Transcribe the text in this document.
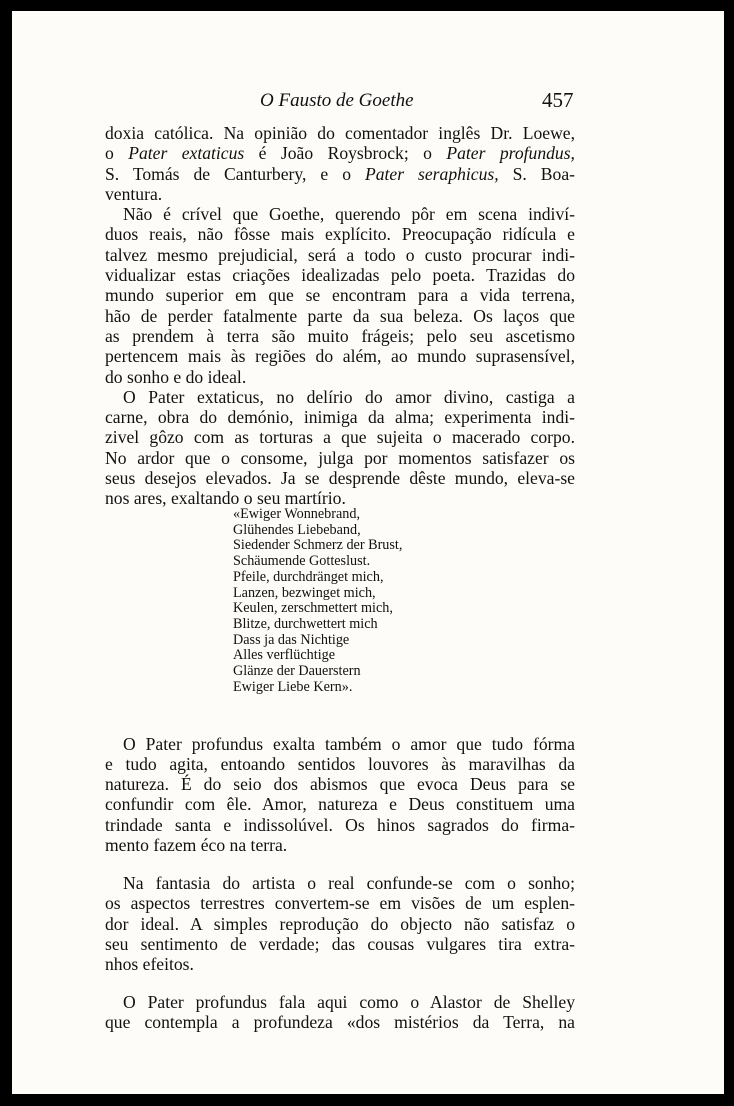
O Fausto de Goethe	457

doxia católica. Na opinião do comentador inglês Dr. Loewe,
o Pater extaticus é João Roysbrock; o Pater profundus,
S. Tomás de Canturbery, e o Pater seraphicus, S. Boa-
ventura.

Não é crível que Goethe, querendo pôr em scena indiví-
duos reais, não fôsse mais explícito. Preocupação ridícula e
talvez mesmo prejudicial, será a todo o custo procurar indi-
vidualizar estas criações idealizadas pelo poeta. Trazidas do
mundo superior em que se encontram para a vida terrena,
hão de perder fatalmente parte da sua beleza. Os laços que
as prendem à terra são muito frágeis; pelo seu ascetismo
pertencem mais às regiões do além, ao mundo suprasensível,
do sonho e do ideal.

O Pater extaticus, no delírio do amor divino, castiga a
carne, obra do demónio, inimiga da alma; experimenta indi-
zivel gôzo com as torturas a que sujeita o macerado corpo.
No ardor que o consome, julga por momentos satisfazer os
seus desejos elevados. Ja se desprende dêste mundo, eleva-se
nos ares, exaltando o seu martírio.

«Ewiger Wonnebrand,
Glühendes Liebeband,
Siedender Schmerz der Brust,
Schäumende Gotteslust.
Pfeile, durchdränget mich,
Lanzen, bezwinget mich,
Keulen, zerschmettert mich,
Blitze, durchwettert mich
Dass ja das Nichtige
Alles verflüchtige
Glänze der Dauerstern
Ewiger Liebe Kern».

O Pater profundus exalta também o amor que tudo fórma
e tudo agita, entoando sentidos louvores às maravilhas da
natureza. É do seio dos abismos que evoca Deus para se
confundir com êle. Amor, natureza e Deus constituem uma
trindade santa e indissolúvel. Os hinos sagrados do firma-
mento fazem éco na terra.

Na fantasia do artista o real confunde-se com o sonho;
os aspectos terrestres convertem-se em visões de um esplen-
dor ideal. A simples reprodução do objecto não satisfaz o
seu sentimento de verdade; das cousas vulgares tira extra-
nhos efeitos.

O Pater profundus fala aqui como o Alastor de Shelley
que contempla a profundeza «dos mistérios da Terra, na
